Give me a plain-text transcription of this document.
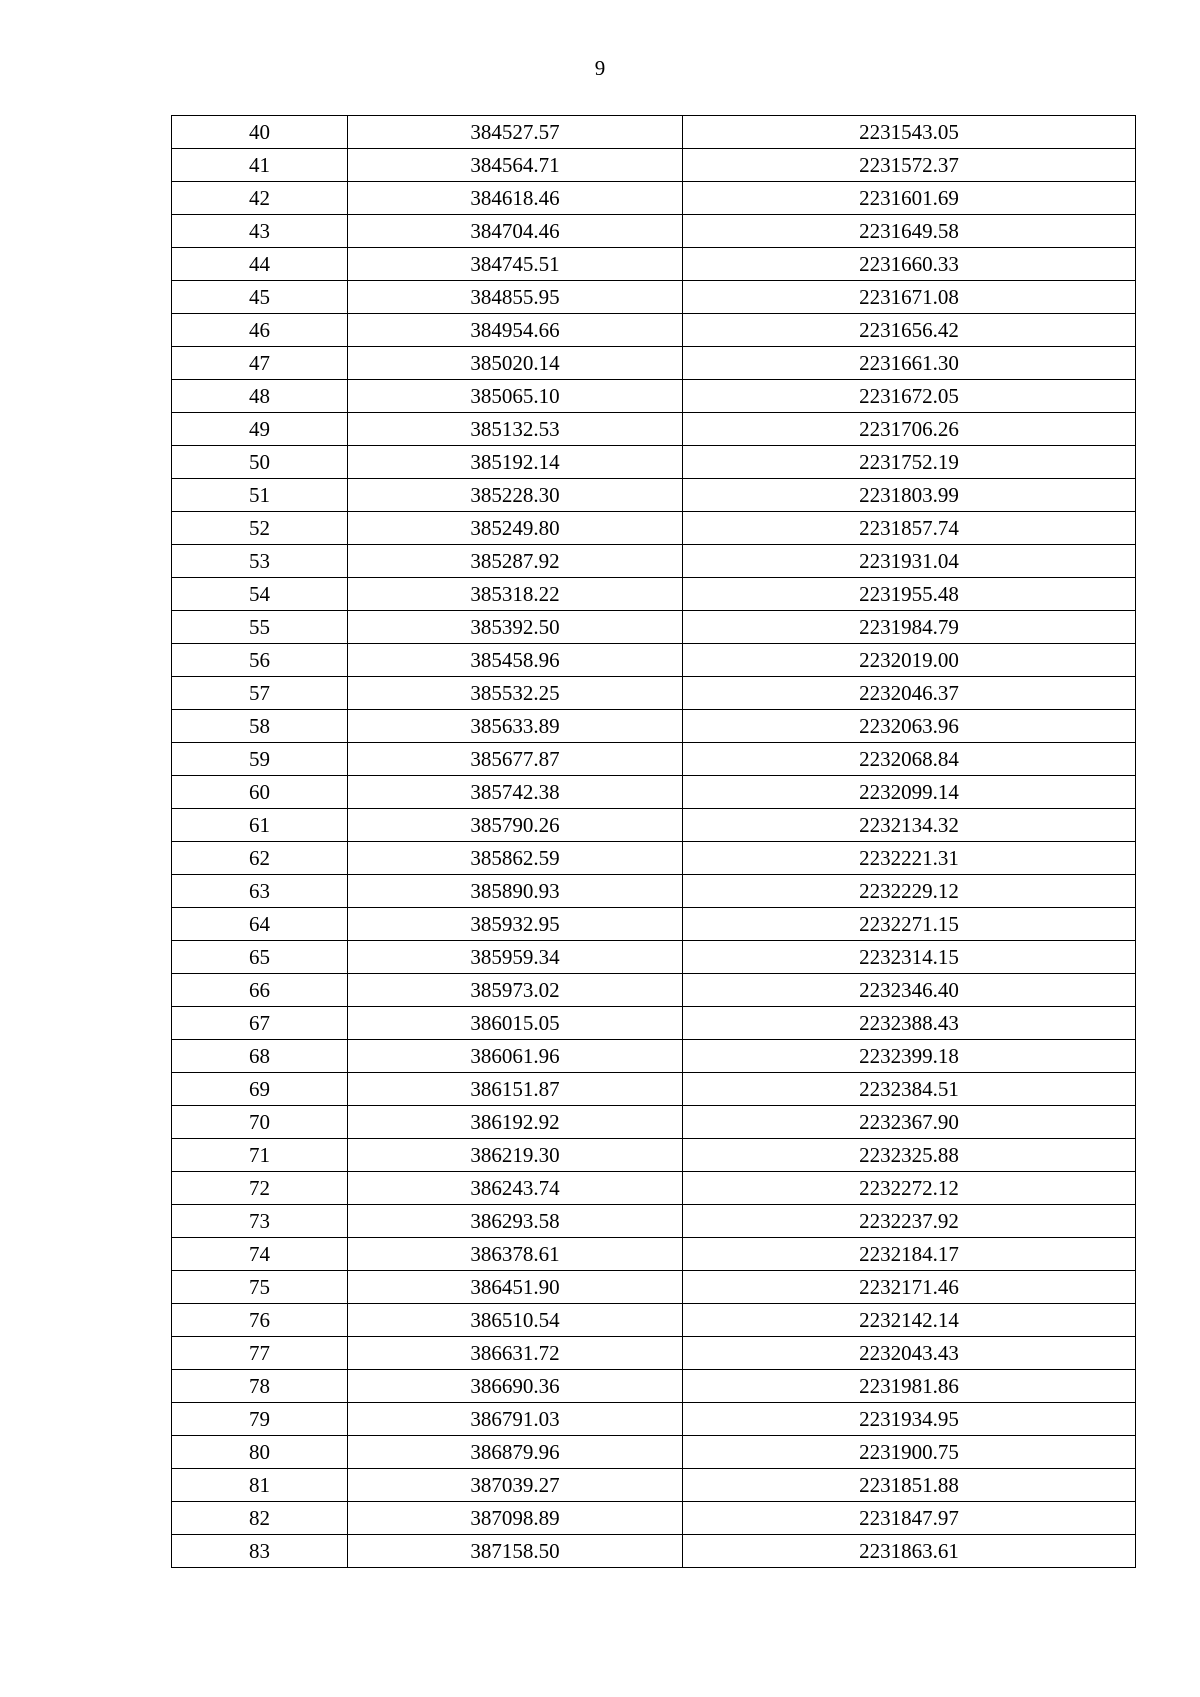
9
40	384527.57	2231543.05
41	384564.71	2231572.37
42	384618.46	2231601.69
43	384704.46	2231649.58
44	384745.51	2231660.33
45	384855.95	2231671.08
46	384954.66	2231656.42
47	385020.14	2231661.30
48	385065.10	2231672.05
49	385132.53	2231706.26
50	385192.14	2231752.19
51	385228.30	2231803.99
52	385249.80	2231857.74
53	385287.92	2231931.04
54	385318.22	2231955.48
55	385392.50	2231984.79
56	385458.96	2232019.00
57	385532.25	2232046.37
58	385633.89	2232063.96
59	385677.87	2232068.84
60	385742.38	2232099.14
61	385790.26	2232134.32
62	385862.59	2232221.31
63	385890.93	2232229.12
64	385932.95	2232271.15
65	385959.34	2232314.15
66	385973.02	2232346.40
67	386015.05	2232388.43
68	386061.96	2232399.18
69	386151.87	2232384.51
70	386192.92	2232367.90
71	386219.30	2232325.88
72	386243.74	2232272.12
73	386293.58	2232237.92
74	386378.61	2232184.17
75	386451.90	2232171.46
76	386510.54	2232142.14
77	386631.72	2232043.43
78	386690.36	2231981.86
79	386791.03	2231934.95
80	386879.96	2231900.75
81	387039.27	2231851.88
82	387098.89	2231847.97
83	387158.50	2231863.61
